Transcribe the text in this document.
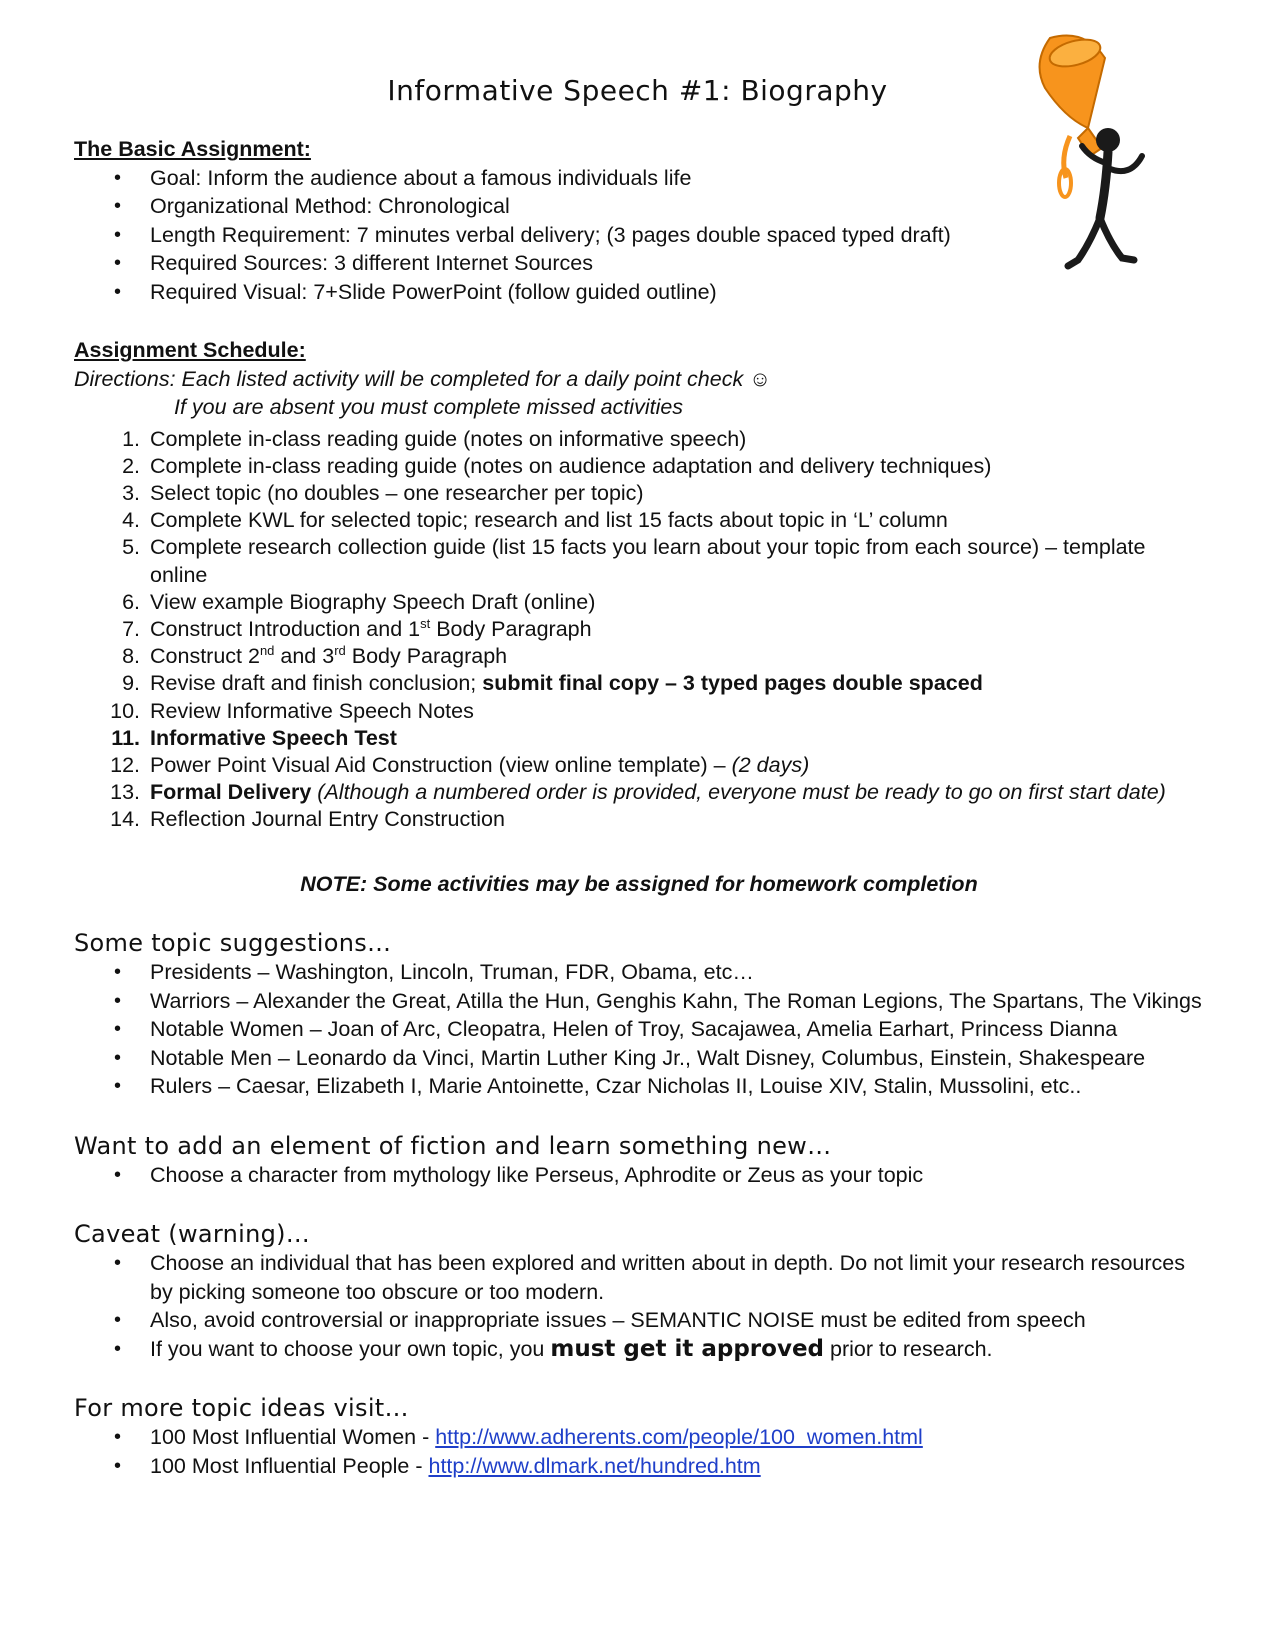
Informative Speech #1: Biography
The Basic Assignment:
• Goal: Inform the audience about a famous individuals life
• Organizational Method: Chronological
• Length Requirement: 7 minutes verbal delivery; (3 pages double spaced typed draft)
• Required Sources: 3 different Internet Sources
• Required Visual: 7+Slide PowerPoint (follow guided outline)
Assignment Schedule:
Directions: Each listed activity will be completed for a daily point check ☺
If you are absent you must complete missed activities
1. Complete in-class reading guide (notes on informative speech)
2. Complete in-class reading guide (notes on audience adaptation and delivery techniques)
3. Select topic (no doubles – one researcher per topic)
4. Complete KWL for selected topic; research and list 15 facts about topic in ‘L’ column
5. Complete research collection guide (list 15 facts you learn about your topic from each source) – template online
6. View example Biography Speech Draft (online)
7. Construct Introduction and 1st Body Paragraph
8. Construct 2nd and 3rd Body Paragraph
9. Revise draft and finish conclusion; submit final copy – 3 typed pages double spaced
10. Review Informative Speech Notes
11. Informative Speech Test
12. Power Point Visual Aid Construction (view online template) – (2 days)
13. Formal Delivery (Although a numbered order is provided, everyone must be ready to go on first start date)
14. Reflection Journal Entry Construction
NOTE: Some activities may be assigned for homework completion
Some topic suggestions…
• Presidents – Washington, Lincoln, Truman, FDR, Obama, etc…
• Warriors – Alexander the Great, Atilla the Hun, Genghis Kahn, The Roman Legions, The Spartans, The Vikings
• Notable Women – Joan of Arc, Cleopatra, Helen of Troy, Sacajawea, Amelia Earhart, Princess Dianna
• Notable Men – Leonardo da Vinci, Martin Luther King Jr., Walt Disney, Columbus, Einstein, Shakespeare
• Rulers – Caesar, Elizabeth I, Marie Antoinette, Czar Nicholas II, Louise XIV, Stalin, Mussolini, etc..
Want to add an element of fiction and learn something new…
• Choose a character from mythology like Perseus, Aphrodite or Zeus as your topic
Caveat (warning)…
• Choose an individual that has been explored and written about in depth. Do not limit your research resources by picking someone too obscure or too modern.
• Also, avoid controversial or inappropriate issues – SEMANTIC NOISE must be edited from speech
• If you want to choose your own topic, you must get it approved prior to research.
For more topic ideas visit…
• 100 Most Influential Women - http://www.adherents.com/people/100_women.html
• 100 Most Influential People - http://www.dlmark.net/hundred.htm
